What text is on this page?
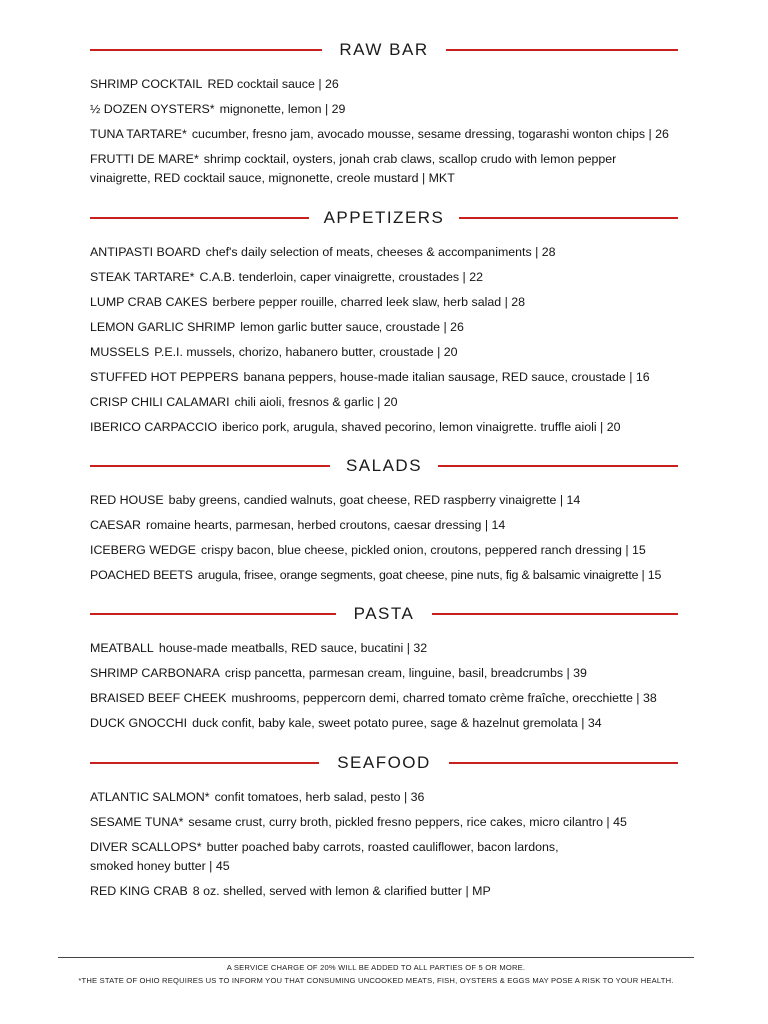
RAW BAR
SHRIMP COCKTAIL RED cocktail sauce | 26
½ DOZEN OYSTERS* mignonette, lemon | 29
TUNA TARTARE* cucumber, fresno jam, avocado mousse, sesame dressing, togarashi wonton chips | 26
FRUTTI DE MARE* shrimp cocktail, oysters, jonah crab claws, scallop crudo with lemon pepper
vinaigrette, RED cocktail sauce, mignonette, creole mustard | MKT
APPETIZERS
ANTIPASTI BOARD chef's daily selection of meats, cheeses & accompaniments | 28
STEAK TARTARE* C.A.B. tenderloin, caper vinaigrette, croustades | 22
LUMP CRAB CAKES berbere pepper rouille, charred leek slaw, herb salad | 28
LEMON GARLIC SHRIMP lemon garlic butter sauce, croustade | 26
MUSSELS P.E.I. mussels, chorizo, habanero butter, croustade | 20
STUFFED HOT PEPPERS banana peppers, house-made italian sausage, RED sauce, croustade | 16
CRISP CHILI CALAMARI chili aioli, fresnos & garlic | 20
IBERICO CARPACCIO iberico pork, arugula, shaved pecorino, lemon vinaigrette. truffle aioli | 20
SALADS
RED HOUSE baby greens, candied walnuts, goat cheese, RED raspberry vinaigrette | 14
CAESAR romaine hearts, parmesan, herbed croutons, caesar dressing | 14
ICEBERG WEDGE crispy bacon, blue cheese, pickled onion, croutons, peppered ranch dressing | 15
POACHED BEETS arugula, frisee, orange segments, goat cheese, pine nuts, fig & balsamic vinaigrette | 15
PASTA
MEATBALL house-made meatballs, RED sauce, bucatini | 32
SHRIMP CARBONARA crisp pancetta, parmesan cream, linguine, basil, breadcrumbs | 39
BRAISED BEEF CHEEK mushrooms, peppercorn demi, charred tomato crème fraîche, orecchiette | 38
DUCK GNOCCHI duck confit, baby kale, sweet potato puree, sage & hazelnut gremolata | 34
SEAFOOD
ATLANTIC SALMON* confit tomatoes, herb salad, pesto | 36
SESAME TUNA* sesame crust, curry broth, pickled fresno peppers, rice cakes, micro cilantro | 45
DIVER SCALLOPS* butter poached baby carrots, roasted cauliflower, bacon lardons,
smoked honey butter | 45
RED KING CRAB 8 oz. shelled, served with lemon & clarified butter | MP

A SERVICE CHARGE OF 20% WILL BE ADDED TO ALL PARTIES OF 5 OR MORE.

*THE STATE OF OHIO REQUIRES US TO INFORM YOU THAT CONSUMING UNCOOKED MEATS, FISH, OYSTERS & EGGS MAY POSE A RISK TO YOUR HEALTH.
